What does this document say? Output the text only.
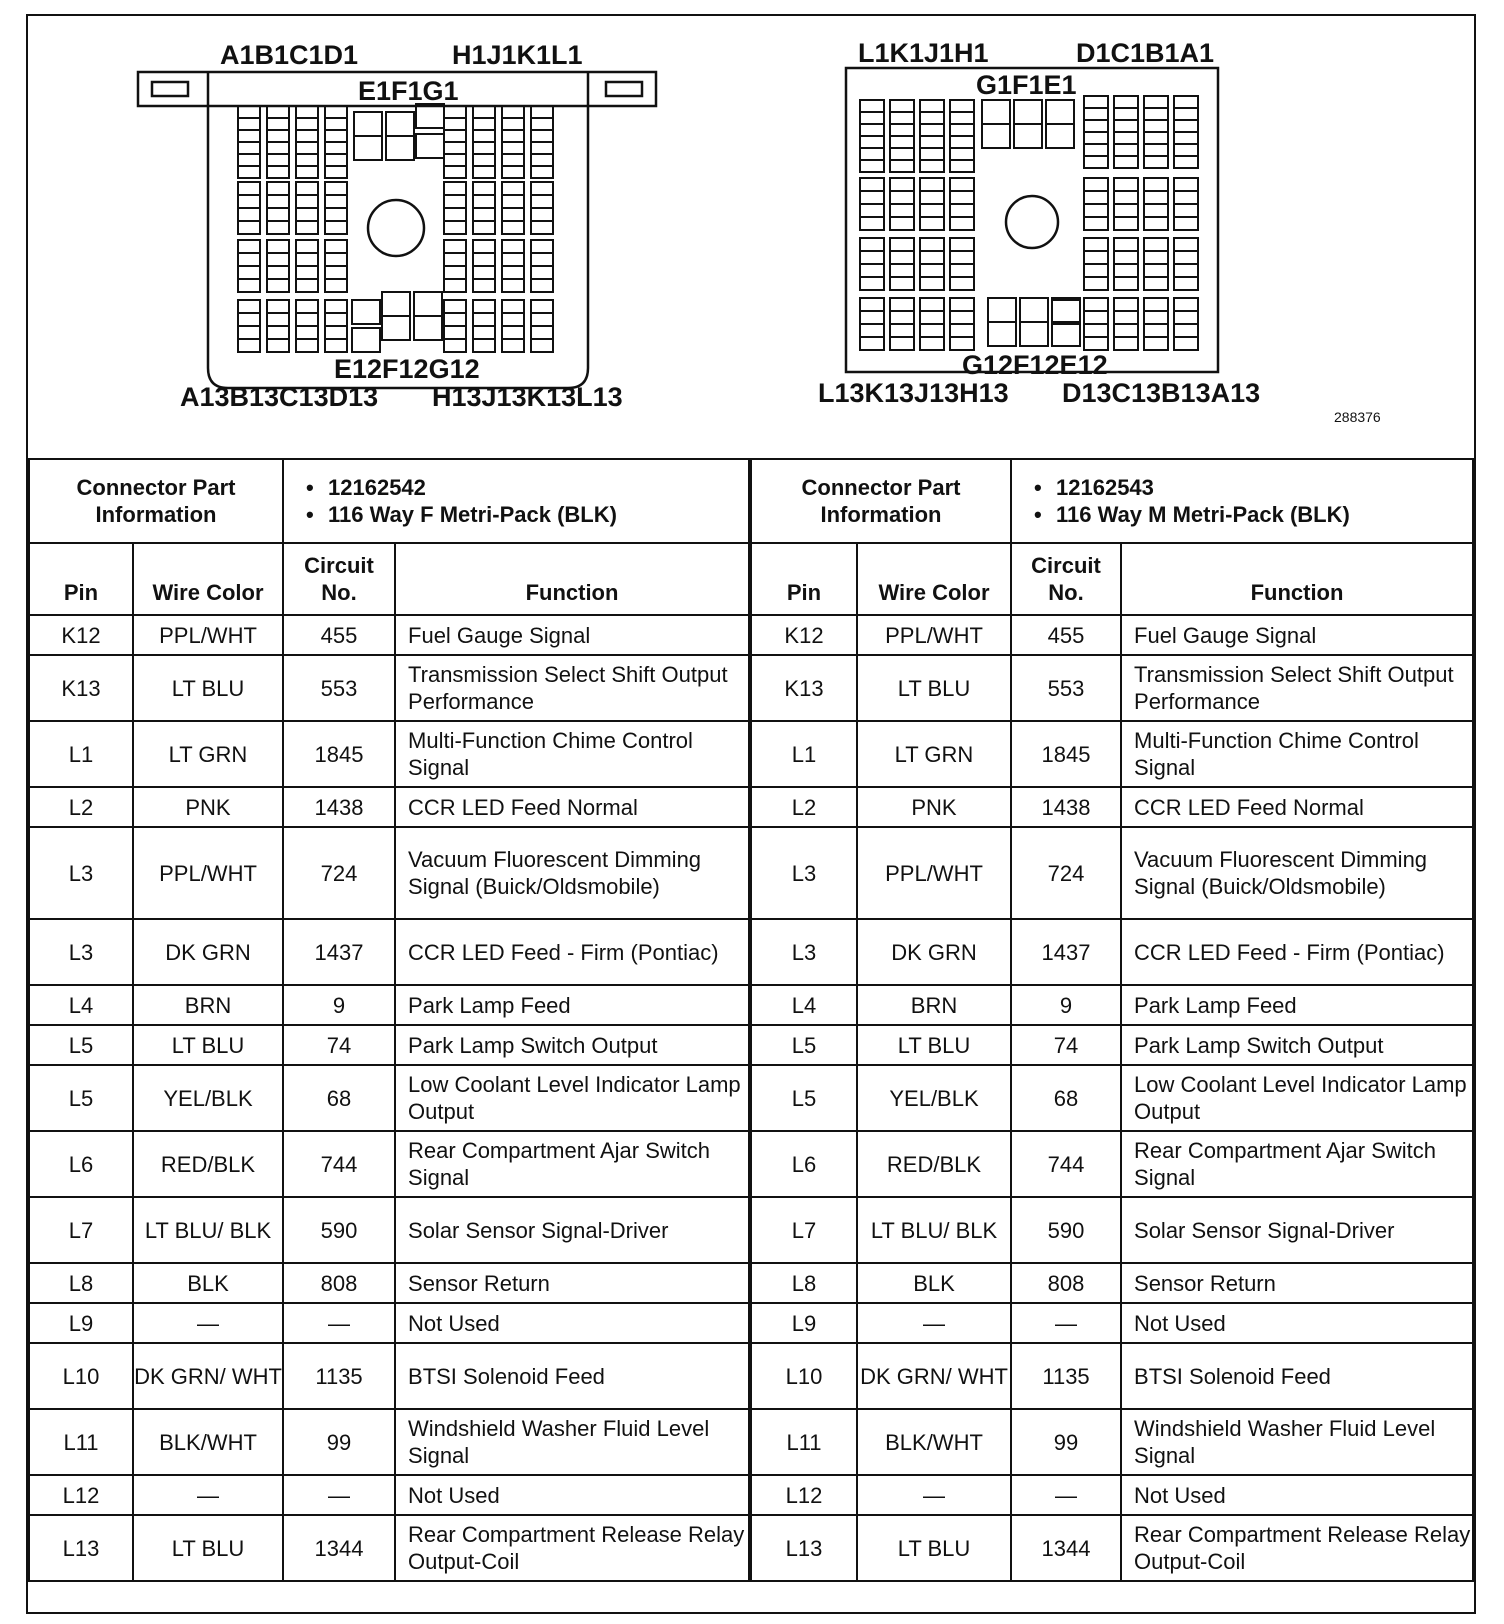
A1B1C1D1	H1J1K1L1
E1F1G1
E12F12G12
A13B13C13D13 H13J13K13L13
L1K1J1H1	D1C1B1A1
G1F1E1
G12F12E12
L13K13J13H13 D13C13B13A13
288376
Connector Part Information		• 12162542
• 116 Way F Metri-Pack (BLK)

Pin	Wire Color	Circuit No.	Function
K12	PPL/WHT	455	Fuel Gauge Signal
K13	LT BLU	553	Transmission Select Shift Output Performance
L1	LT GRN	1845	Multi-Function Chime Control Signal
L2	PNK	1438	CCR LED Feed Normal
L3	PPL/WHT	724	Vacuum Fluorescent Dimming Signal (Buick/Oldsmobile)
L3	DK GRN	1437	CCR LED Feed - Firm (Pontiac)
L4	BRN	9	Park Lamp Feed
L5	LT BLU	74	Park Lamp Switch Output
L5	YEL/BLK	68	Low Coolant Level Indicator Lamp Output
L6	RED/BLK	744	Rear Compartment Ajar Switch Signal
L7	LT BLU/ BLK	590	Solar Sensor Signal-Driver
L8	BLK	808	Sensor Return
L9	—	—	Not Used
L10	DK GRN/ WHT	1135	BTSI Solenoid Feed
L11	BLK/WHT	99	Windshield Washer Fluid Level Signal
L12	—	—	Not Used
L13	LT BLU	1344	Rear Compartment Release Relay Output-Coil
Connector Part Information		• 12162543
• 116 Way M Metri-Pack (BLK)

Pin	Wire Color	Circuit No.	Function
K12	PPL/WHT	455	Fuel Gauge Signal
K13	LT BLU	553	Transmission Select Shift Output Performance
L1	LT GRN	1845	Multi-Function Chime Control Signal
L2	PNK	1438	CCR LED Feed Normal
L3	PPL/WHT	724	Vacuum Fluorescent Dimming Signal (Buick/Oldsmobile)
L3	DK GRN	1437	CCR LED Feed - Firm (Pontiac)
L4	BRN	9	Park Lamp Feed
L5	LT BLU	74	Park Lamp Switch Output
L5	YEL/BLK	68	Low Coolant Level Indicator Lamp Output
L6	RED/BLK	744	Rear Compartment Ajar Switch Signal
L7	LT BLU/ BLK	590	Solar Sensor Signal-Driver
L8	BLK	808	Sensor Return
L9	—	—	Not Used
L10	DK GRN/ WHT	1135	BTSI Solenoid Feed
L11	BLK/WHT	99	Windshield Washer Fluid Level Signal
L12	—	—	Not Used
L13	LT BLU	1344	Rear Compartment Release Relay Output-Coil
